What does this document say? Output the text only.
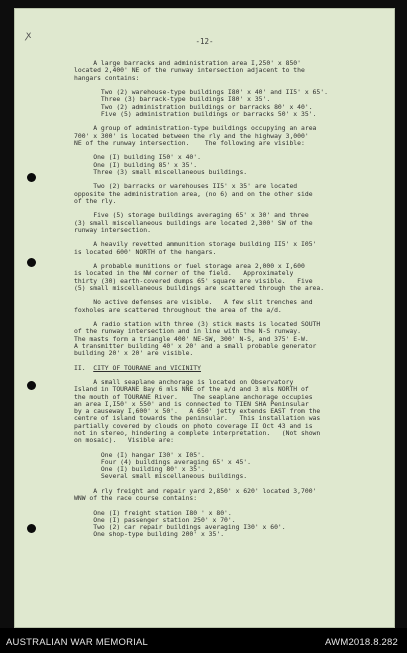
ꭗ
-12-
A large barracks and administration area I,250' x 850'
located 2,400' NE of the runway intersection adjacent to the
hangars contains:
Two (2) warehouse-type buildings I80' x 40' and II5' x 65'.
Three (3) barrack-type buildings I80' x 35'.
Two (2) administration buildings or barracks 80' x 40'.
Five (5) administration buildings or barracks 50' x 35'.
A group of administration-type buildings occupying an area
700' x 300' is located between the rly and the highway 3,000'
NE of the runway intersection.    The following are visible:
One (I) building I50' x 40'.
One (I) building 85' x 35'.
Three (3) small miscellaneous buildings.
Two (2) barracks or warehouses II5' x 35' are located
opposite the administration area, (no 6) and on the other side
of the rly.
Five (5) storage buildings averaging 65' x 30' and three
(3) small miscellaneous buildings are located 2,300' SW of the
runway intersection.
A heavily revetted ammunition storage building II5' x I05'
is located 600' NORTH of the hangars.
A probable munitions or fuel storage area 2,000 x I,600
is located in the NW corner of the field.   Approximately
thirty (30) earth-covered dumps 65' square are visible.   Five
(5) small miscellaneous buildings are scattered through the area.
No active defenses are visible.   A few slit trenches and
foxholes are scattered throughout the area of the a/d.
A radio station with three (3) stick masts is located SOUTH
of the runway intersection and in line with the N-S runway.
The masts form a triangle 400' NE-SW, 300' N-S, and 375' E-W.
A transmitter building 40' x 20' and a small probable generator
building 20' x 20' are visible.
II.  CITY OF TOURANE and VICINITY
A small seaplane anchorage is located on Observatory
Island in TOURANE Bay 6 mls NNE of the a/d and 3 mls NORTH of
the mouth of TOURANE River.    The seaplane anchorage occupies
an area I,I50' x 550' and is connected to TIEN SHA Peninsular
by a causeway I,600' x 50'.   A 650' jetty extends EAST from the
centre of island towards the peninsular.   This installation was
partially covered by clouds on photo coverage II Oct 43 and is
not in stereo, hindering a complete interpretation.   (Not shown
on mosaic).   Visible are:
One (I) hangar I30' x I05'.
Four (4) buildings averaging 65' x 45'.
One (I) building 80' x 35'.
Several small miscellaneous buildings.
A rly freight and repair yard 2,850' x 620' located 3,700'
WNW of the race course contains:
One (I) freight station I80 ' x 80'.
One (I) passenger station 250' x 70'.
Two (2) car repair buildings averaging I30' x 60'.
One shop-type building 200' x 35'.
AUSTRALIAN WAR MEMORIAL	AWM2018.8.282
